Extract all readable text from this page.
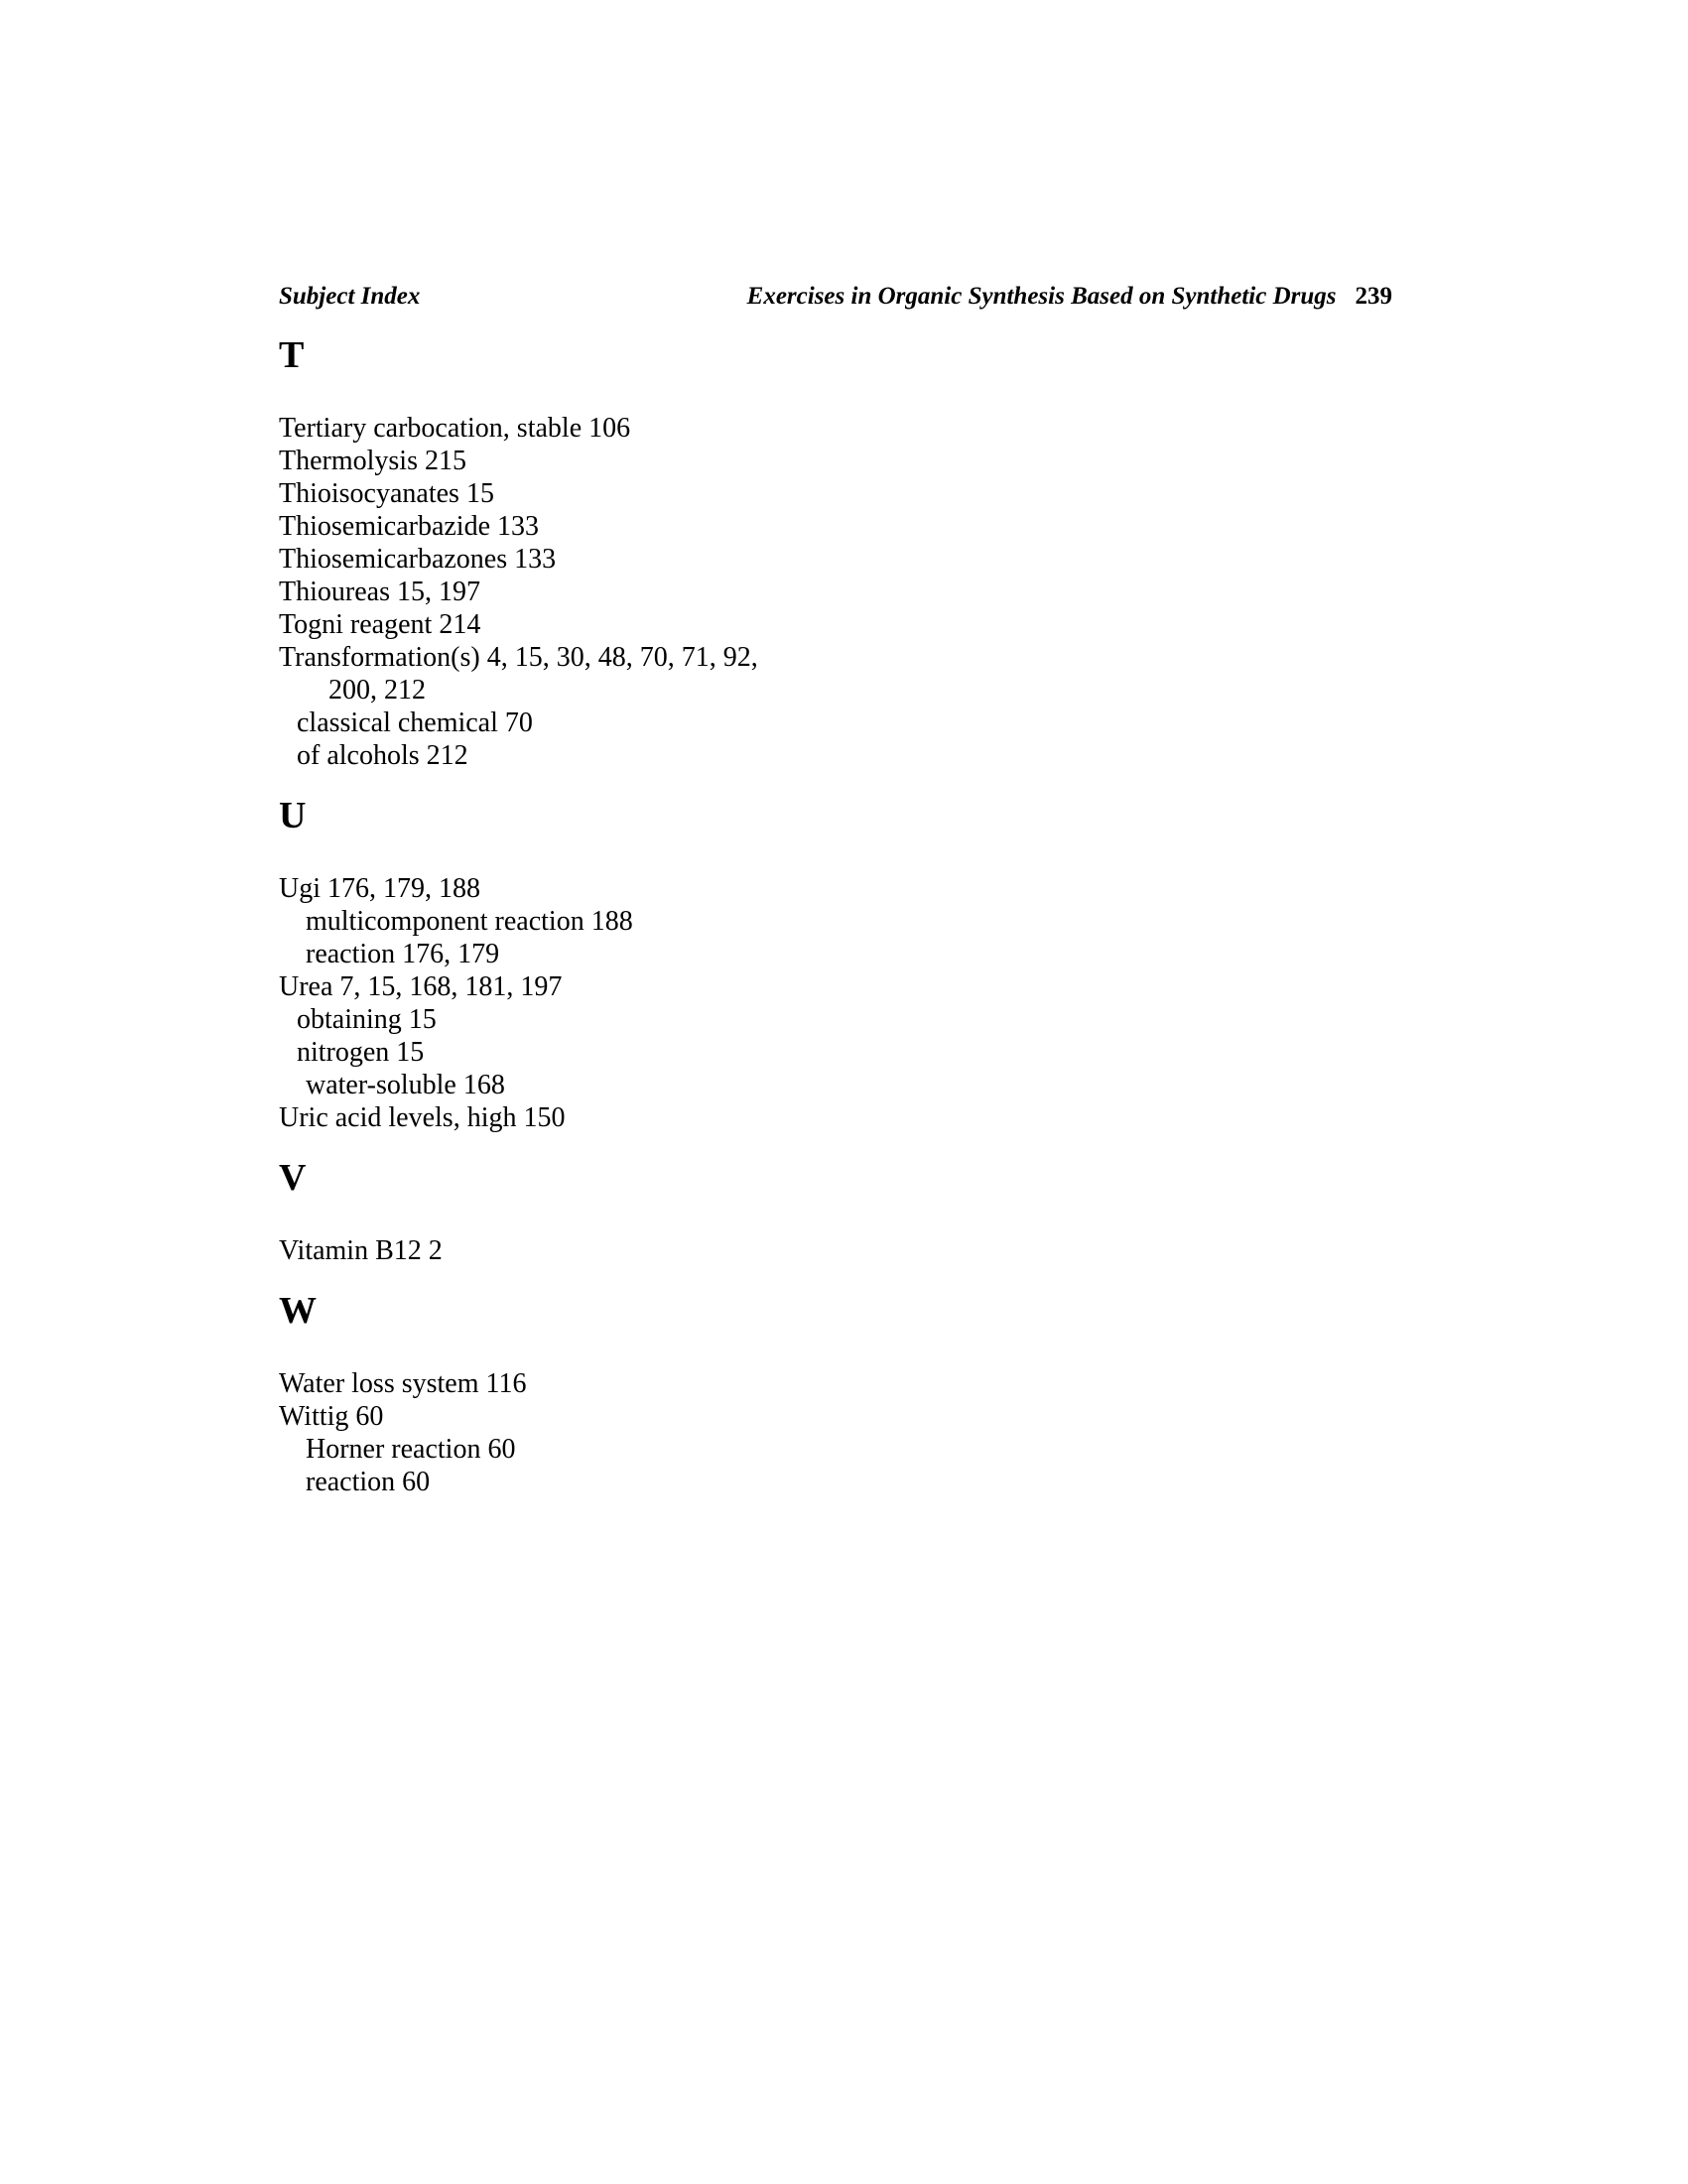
Subject Index	Exercises in Organic Synthesis Based on Synthetic Drugs 239
T
Tertiary carbocation, stable 106
Thermolysis 215
Thioisocyanates 15
Thiosemicarbazide 133
Thiosemicarbazones 133
Thioureas 15, 197
Togni reagent 214
Transformation(s) 4, 15, 30, 48, 70, 71, 92,
200, 212
classical chemical 70
of alcohols 212
U
Ugi 176, 179, 188
multicomponent reaction 188
reaction 176, 179
Urea 7, 15, 168, 181, 197
obtaining 15
nitrogen 15
water-soluble 168
Uric acid levels, high 150
V
Vitamin B12 2
W
Water loss system 116
Wittig 60
Horner reaction 60
reaction 60
